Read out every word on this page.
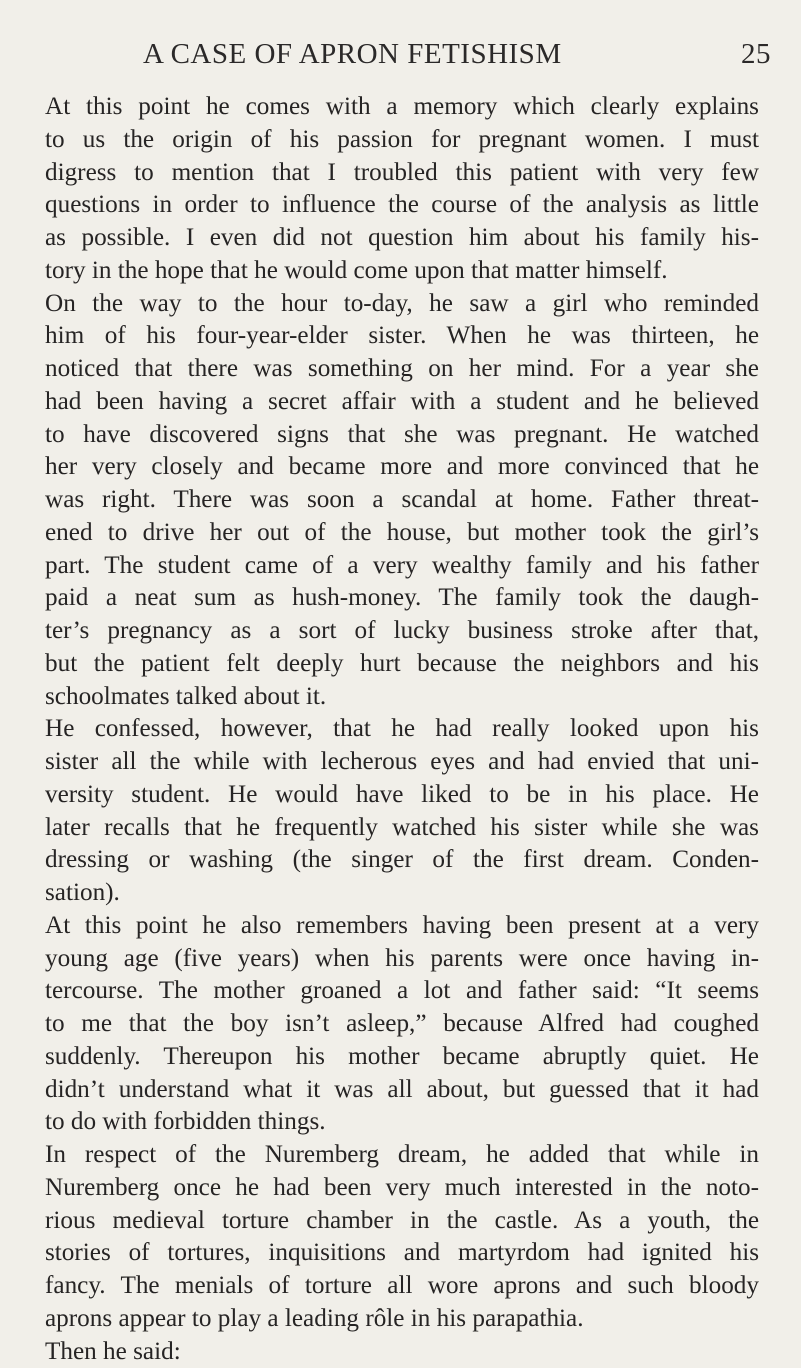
A CASE OF APRON FETISHISM	25
At this point he comes with a memory which clearly explains
to us the origin of his passion for pregnant women. I must
digress to mention that I troubled this patient with very few
questions in order to influence the course of the analysis as little
as possible. I even did not question him about his family his-
tory in the hope that he would come upon that matter himself.
On the way to the hour to-day, he saw a girl who reminded
him of his four-year-elder sister. When he was thirteen, he
noticed that there was something on her mind. For a year she
had been having a secret affair with a student and he believed
to have discovered signs that she was pregnant. He watched
her very closely and became more and more convinced that he
was right. There was soon a scandal at home. Father threat-
ened to drive her out of the house, but mother took the girl’s
part. The student came of a very wealthy family and his father
paid a neat sum as hush-money. The family took the daugh-
ter’s pregnancy as a sort of lucky business stroke after that,
but the patient felt deeply hurt because the neighbors and his
schoolmates talked about it.
He confessed, however, that he had really looked upon his
sister all the while with lecherous eyes and had envied that uni-
versity student. He would have liked to be in his place. He
later recalls that he frequently watched his sister while she was
dressing or washing (the singer of the first dream. Conden-
sation).
At this point he also remembers having been present at a very
young age (five years) when his parents were once having in-
tercourse. The mother groaned a lot and father said: “It seems
to me that the boy isn’t asleep,” because Alfred had coughed
suddenly. Thereupon his mother became abruptly quiet. He
didn’t understand what it was all about, but guessed that it had
to do with forbidden things.
In respect of the Nuremberg dream, he added that while in
Nuremberg once he had been very much interested in the noto-
rious medieval torture chamber in the castle. As a youth, the
stories of tortures, inquisitions and martyrdom had ignited his
fancy. The menials of torture all wore aprons and such bloody
aprons appear to play a leading rôle in his parapathia.
Then he said:
